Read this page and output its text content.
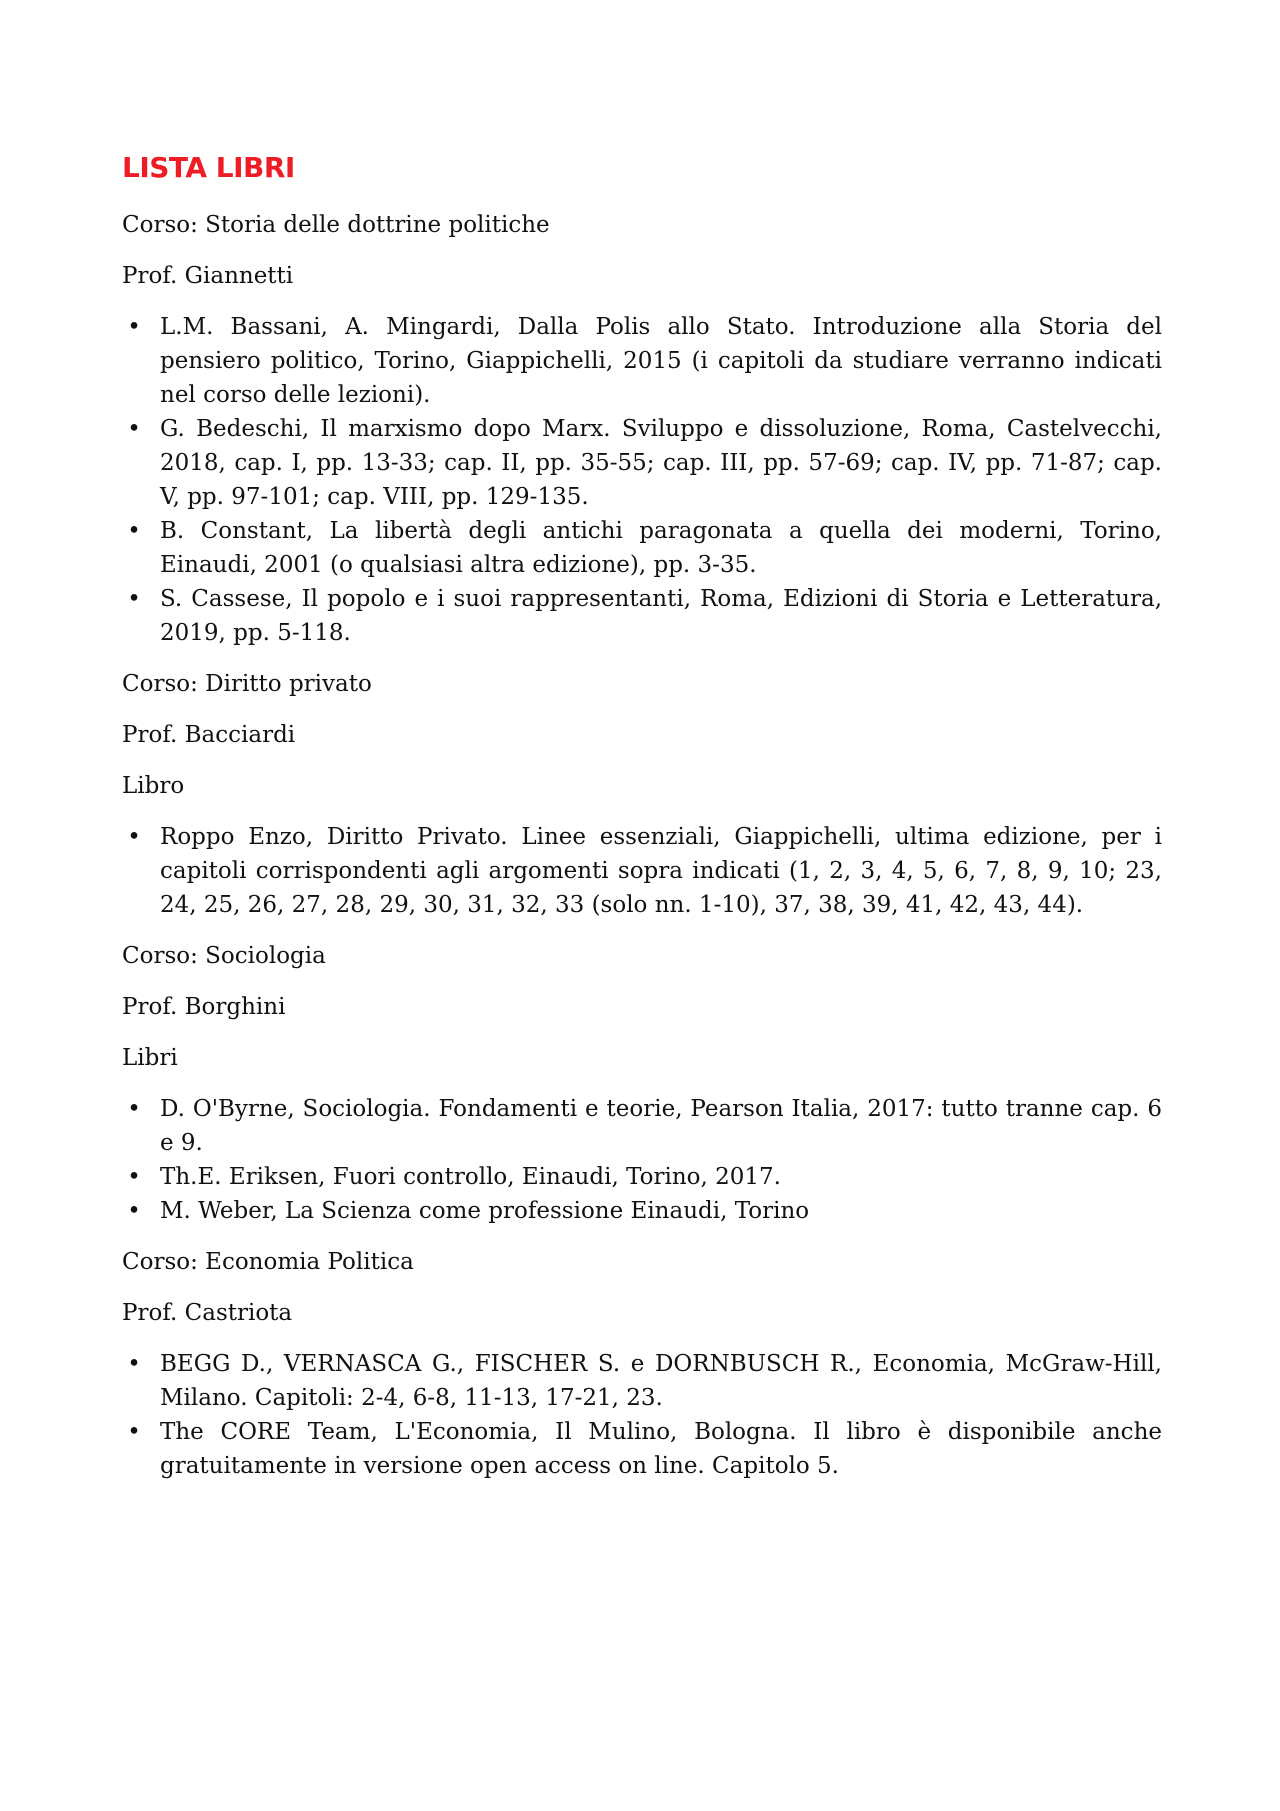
LISTA LIBRI

Corso: Storia delle dottrine politiche

Prof. Giannetti

• L.M. Bassani, A. Mingardi, Dalla Polis allo Stato. Introduzione alla Storia del pensiero politico, Torino, Giappichelli, 2015 (i capitoli da studiare verranno indicati nel corso delle lezioni).
• G. Bedeschi, Il marxismo dopo Marx. Sviluppo e dissoluzione, Roma, Castelvecchi, 2018, cap. I, pp. 13-33; cap. II, pp. 35-55; cap. III, pp. 57-69; cap. IV, pp. 71-87; cap. V, pp. 97-101; cap. VIII, pp. 129-135.
• B. Constant, La libertà degli antichi paragonata a quella dei moderni, Torino, Einaudi, 2001 (o qualsiasi altra edizione), pp. 3-35.
• S. Cassese, Il popolo e i suoi rappresentanti, Roma, Edizioni di Storia e Letteratura, 2019, pp. 5-118.

Corso: Diritto privato

Prof. Bacciardi

Libro

• Roppo Enzo, Diritto Privato. Linee essenziali, Giappichelli, ultima edizione, per i capitoli corrispondenti agli argomenti sopra indicati (1, 2, 3, 4, 5, 6, 7, 8, 9, 10; 23, 24, 25, 26, 27, 28, 29, 30, 31, 32, 33 (solo nn. 1-10), 37, 38, 39, 41, 42, 43, 44).

Corso: Sociologia

Prof. Borghini

Libri

• D. O'Byrne, Sociologia. Fondamenti e teorie, Pearson Italia, 2017: tutto tranne cap. 6 e 9.
• Th.E. Eriksen, Fuori controllo, Einaudi, Torino, 2017.
• M. Weber, La Scienza come professione Einaudi, Torino

Corso: Economia Politica

Prof. Castriota

• BEGG D., VERNASCA G., FISCHER S. e DORNBUSCH R., Economia, McGraw-Hill, Milano. Capitoli: 2-4, 6-8, 11-13, 17-21, 23.
• The CORE Team, L'Economia, Il Mulino, Bologna. Il libro è disponibile anche gratuitamente in versione open access on line. Capitolo 5.
